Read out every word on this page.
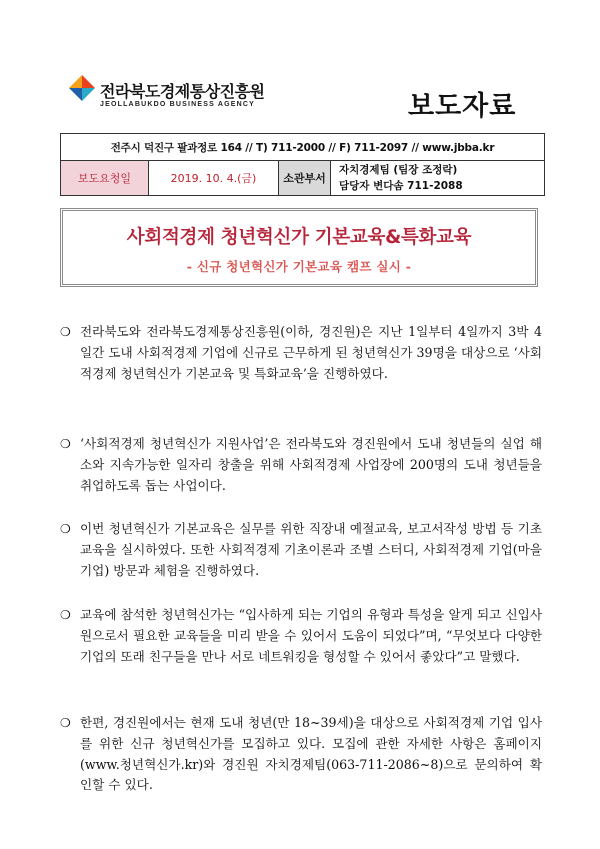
전라북도경제통상진흥원
JEOLLABUKDO BUSINESS AGENCY	보도자료
전주시 덕진구 팔과정로 164 // T) 711-2000 // F) 711-2097 // www.jbba.kr
보도요청일	2019. 10. 4.(금)	소관부서	
자치경제팀 (팀장 조정락)
담당자 변다솜 711-2088
사회적경제 청년혁신가 기본교육&특화교육
- 신규 청년혁신가 기본교육 캠프 실시 -
❍ 전라북도와 전라북도경제통상진흥원(이하, 경진원)은 지난 1일부터 4일까지 3박 4일간 도내 사회적경제 기업에 신규로 근무하게 된 청년혁신가 39명을 대상으로 ‘사회적경제 청년혁신가 기본교육 및 특화교육’을 진행하였다.
❍ ‘사회적경제 청년혁신가 지원사업’은 전라북도와 경진원에서 도내 청년들의 실업 해소와 지속가능한 일자리 창출을 위해 사회적경제 사업장에 200명의 도내 청년들을 취업하도록 돕는 사업이다.
❍ 이번 청년혁신가 기본교육은 실무를 위한 직장내 예절교육, 보고서작성 방법 등 기초 교육을 실시하였다. 또한 사회적경제 기초이론과 조별 스터디, 사회적경제 기업(마을기업) 방문과 체험을 진행하였다.
❍ 교육에 참석한 청년혁신가는 “입사하게 되는 기업의 유형과 특성을 알게 되고 신입사원으로서 필요한 교육들을 미리 받을 수 있어서 도움이 되었다”며, “무엇보다 다양한 기업의 또래 친구들을 만나 서로 네트워킹을 형성할 수 있어서 좋았다”고 말했다.
❍ 한편, 경진원에서는 현재 도내 청년(만 18~39세)을 대상으로 사회적경제 기업 입사를 위한 신규 청년혁신가를 모집하고 있다. 모집에 관한 자세한 사항은 홈페이지(www.청년혁신가.kr)와 경진원 자치경제팀(063-711-2086~8)으로 문의하여 확인할 수 있다.
